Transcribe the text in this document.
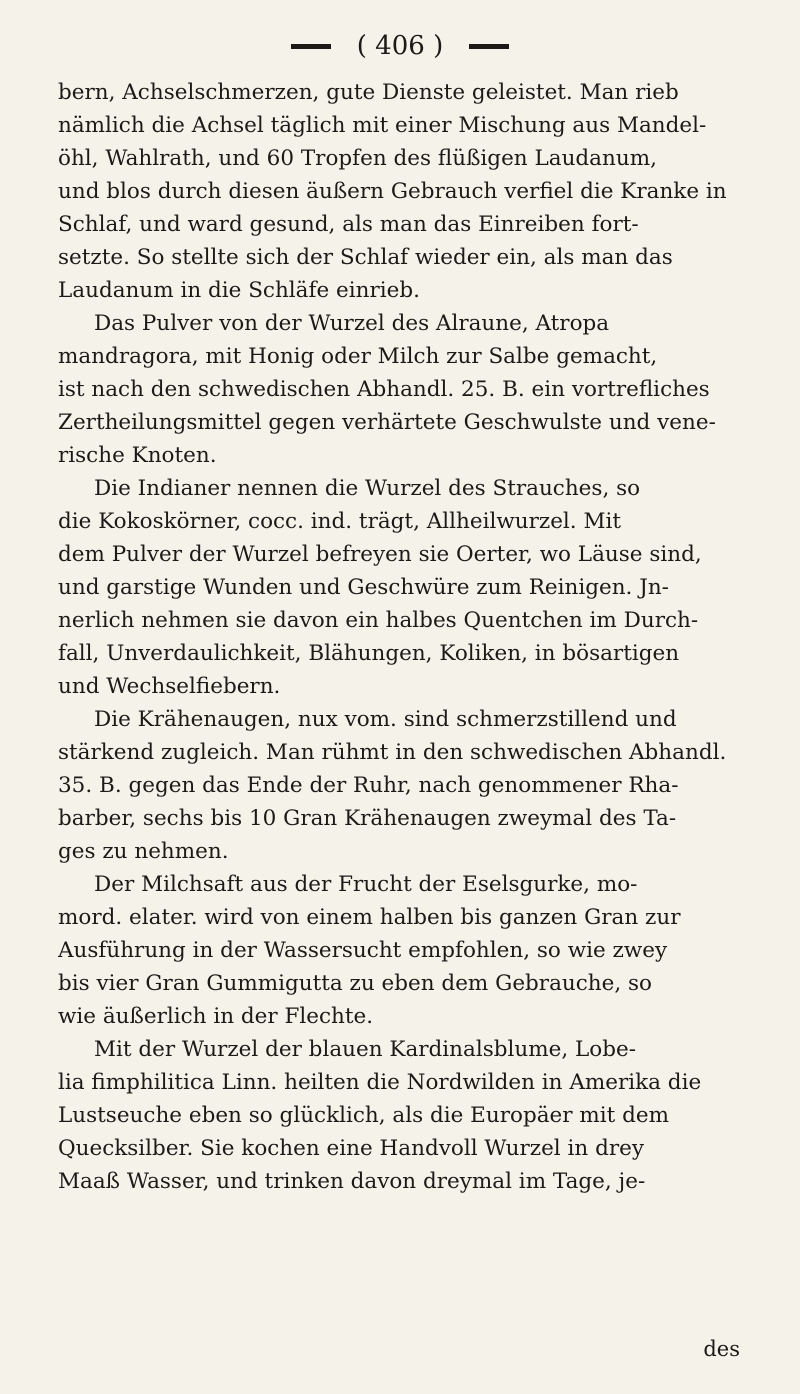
( 406 )
bern, Achselschmerzen, gute Dienste geleistet. Man rieb
nämlich die Achsel täglich mit einer Mischung aus Mandel-
öhl, Wahlrath, und 60 Tropfen des flüßigen Laudanum,
und blos durch diesen äußern Gebrauch verfiel die Kranke in
Schlaf, und ward gesund, als man das Einreiben fort-
setzte. So stellte sich der Schlaf wieder ein, als man das
Laudanum in die Schläfe einrieb.
Das Pulver von der Wurzel des Alraune, Atropa
mandragora, mit Honig oder Milch zur Salbe gemacht,
ist nach den schwedischen Abhandl. 25. B. ein vortrefliches
Zertheilungsmittel gegen verhärtete Geschwulste und vene-
rische Knoten.
Die Indianer nennen die Wurzel des Strauches, so
die Kokoskörner, cocc. ind. trägt, Allheilwurzel. Mit
dem Pulver der Wurzel befreyen sie Oerter, wo Läuse sind,
und garstige Wunden und Geschwüre zum Reinigen. Jn-
nerlich nehmen sie davon ein halbes Quentchen im Durch-
fall, Unverdaulichkeit, Blähungen, Koliken, in bösartigen
und Wechselfiebern.
Die Krähenaugen, nux vom. sind schmerzstillend und
stärkend zugleich. Man rühmt in den schwedischen Abhandl.
35. B. gegen das Ende der Ruhr, nach genommener Rha-
barber, sechs bis 10 Gran Krähenaugen zweymal des Ta-
ges zu nehmen.
Der Milchsaft aus der Frucht der Eselsgurke, mo-
mord. elater. wird von einem halben bis ganzen Gran zur
Ausführung in der Wassersucht empfohlen, so wie zwey
bis vier Gran Gummigutta zu eben dem Gebrauche, so
wie äußerlich in der Flechte.
Mit der Wurzel der blauen Kardinalsblume, Lobe-
lia fimphilitica Linn. heilten die Nordwilden in Amerika die
Lustseuche eben so glücklich, als die Europäer mit dem
Quecksilber. Sie kochen eine Handvoll Wurzel in drey
Maaß Wasser, und trinken davon dreymal im Tage, je-
des
